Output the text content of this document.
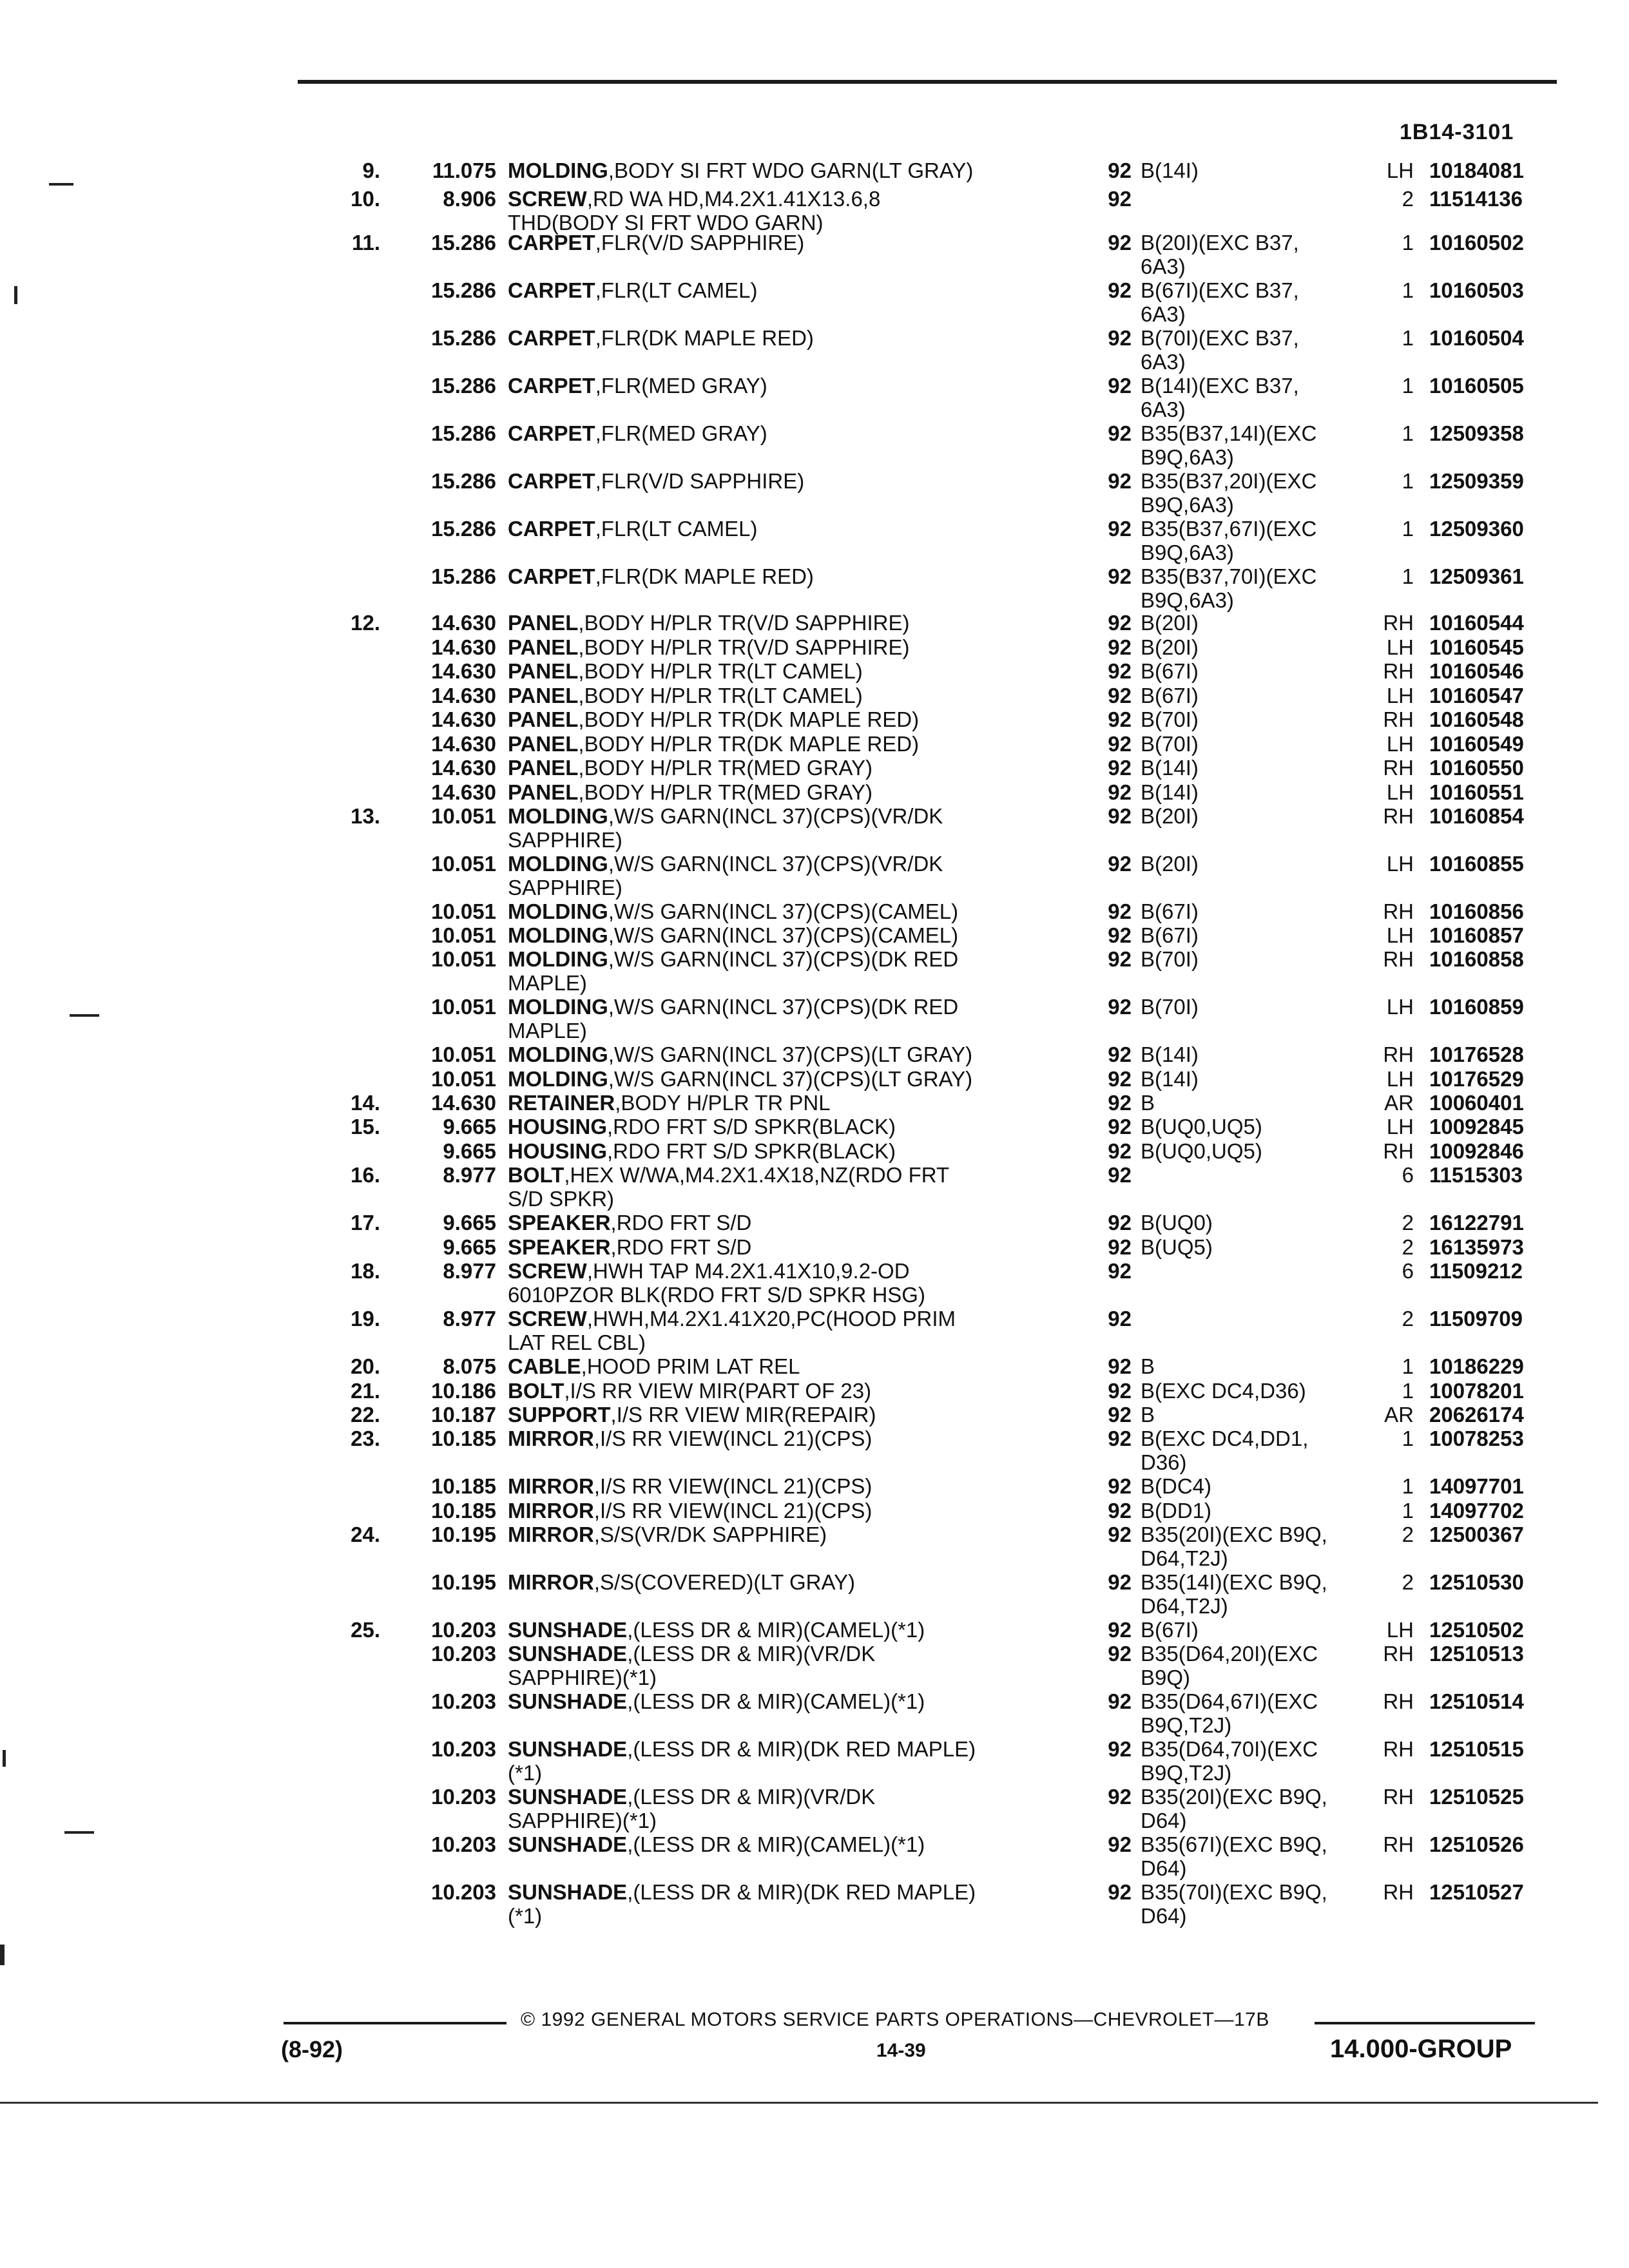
1B14-3101
9.	11.075 MOLDING,BODY SI FRT WDO GARN(LT GRAY)	92 B(14I)	LH 10184081
10.	8.906 SCREW,RD WA HD,M4.2X1.41X13.6,8	92	2 11514136
THD(BODY SI FRT WDO GARN)
11.	15.286 CARPET,FLR(V/D SAPPHIRE)	92 B(20I)(EXC B37,	1 10160502
6A3)
15.286 CARPET,FLR(LT CAMEL)	92 B(67I)(EXC B37,	1 10160503
6A3)
15.286 CARPET,FLR(DK MAPLE RED)	92 B(70I)(EXC B37,	1 10160504
6A3)
15.286 CARPET,FLR(MED GRAY)	92 B(14I)(EXC B37,	1 10160505
6A3)
15.286 CARPET,FLR(MED GRAY)	92 B35(B37,14I)(EXC	1 12509358
B9Q,6A3)
15.286 CARPET,FLR(V/D SAPPHIRE)	92 B35(B37,20I)(EXC	1 12509359
B9Q,6A3)
15.286 CARPET,FLR(LT CAMEL)	92 B35(B37,67I)(EXC	1 12509360
B9Q,6A3)
15.286 CARPET,FLR(DK MAPLE RED)	92 B35(B37,70I)(EXC	1 12509361
B9Q,6A3)
12.	14.630 PANEL,BODY H/PLR TR(V/D SAPPHIRE)	92 B(20I)	RH 10160544
14.630 PANEL,BODY H/PLR TR(V/D SAPPHIRE)	92 B(20I)	LH 10160545
14.630 PANEL,BODY H/PLR TR(LT CAMEL)	92 B(67I)	RH 10160546
14.630 PANEL,BODY H/PLR TR(LT CAMEL)	92 B(67I)	LH 10160547
14.630 PANEL,BODY H/PLR TR(DK MAPLE RED)	92 B(70I)	RH 10160548
14.630 PANEL,BODY H/PLR TR(DK MAPLE RED)	92 B(70I)	LH 10160549
14.630 PANEL,BODY H/PLR TR(MED GRAY)	92 B(14I)	RH 10160550
14.630 PANEL,BODY H/PLR TR(MED GRAY)	92 B(14I)	LH 10160551
13.	10.051 MOLDING,W/S GARN(INCL 37)(CPS)(VR/DK	92 B(20I)	RH 10160854
SAPPHIRE)
10.051 MOLDING,W/S GARN(INCL 37)(CPS)(VR/DK	92 B(20I)	LH 10160855
SAPPHIRE)
10.051 MOLDING,W/S GARN(INCL 37)(CPS)(CAMEL)	92 B(67I)	RH 10160856
10.051 MOLDING,W/S GARN(INCL 37)(CPS)(CAMEL)	92 B(67I)	LH 10160857
10.051 MOLDING,W/S GARN(INCL 37)(CPS)(DK RED	92 B(70I)	RH 10160858
MAPLE)
10.051 MOLDING,W/S GARN(INCL 37)(CPS)(DK RED	92 B(70I)	LH 10160859
MAPLE)
10.051 MOLDING,W/S GARN(INCL 37)(CPS)(LT GRAY)	92 B(14I)	RH 10176528
10.051 MOLDING,W/S GARN(INCL 37)(CPS)(LT GRAY)	92 B(14I)	LH 10176529
14.	14.630 RETAINER,BODY H/PLR TR PNL	92 B	AR 10060401
15.	9.665 HOUSING,RDO FRT S/D SPKR(BLACK)	92 B(UQ0,UQ5)	LH 10092845
9.665 HOUSING,RDO FRT S/D SPKR(BLACK)	92 B(UQ0,UQ5)	RH 10092846
16.	8.977 BOLT,HEX W/WA,M4.2X1.4X18,NZ(RDO FRT	92	6 11515303
S/D SPKR)
17.	9.665 SPEAKER,RDO FRT S/D	92 B(UQ0)	2 16122791
9.665 SPEAKER,RDO FRT S/D	92 B(UQ5)	2 16135973
18.	8.977 SCREW,HWH TAP M4.2X1.41X10,9.2-OD	92	6 11509212
6010PZOR BLK(RDO FRT S/D SPKR HSG)
19.	8.977 SCREW,HWH,M4.2X1.41X20,PC(HOOD PRIM	92	2 11509709
LAT REL CBL)
20.	8.075 CABLE,HOOD PRIM LAT REL	92 B	1 10186229
21.	10.186 BOLT,I/S RR VIEW MIR(PART OF 23)	92 B(EXC DC4,D36)	1 10078201
22.	10.187 SUPPORT,I/S RR VIEW MIR(REPAIR)	92 B	AR 20626174
23.	10.185 MIRROR,I/S RR VIEW(INCL 21)(CPS)	92 B(EXC DC4,DD1,	1 10078253
D36)
10.185 MIRROR,I/S RR VIEW(INCL 21)(CPS)	92 B(DC4)	1 14097701
10.185 MIRROR,I/S RR VIEW(INCL 21)(CPS)	92 B(DD1)	1 14097702
24.	10.195 MIRROR,S/S(VR/DK SAPPHIRE)	92 B35(20I)(EXC B9Q,	2 12500367
D64,T2J)
10.195 MIRROR,S/S(COVERED)(LT GRAY)	92 B35(14I)(EXC B9Q,	2 12510530
D64,T2J)
25.	10.203 SUNSHADE,(LESS DR & MIR)(CAMEL)(*1)	92 B(67I)	LH 12510502
10.203 SUNSHADE,(LESS DR & MIR)(VR/DK	92 B35(D64,20I)(EXC	RH 12510513
SAPPHIRE)(*1)	B9Q)
10.203 SUNSHADE,(LESS DR & MIR)(CAMEL)(*1)	92 B35(D64,67I)(EXC	RH 12510514
B9Q,T2J)
10.203 SUNSHADE,(LESS DR & MIR)(DK RED MAPLE)	92 B35(D64,70I)(EXC	RH 12510515
(*1)	B9Q,T2J)
10.203 SUNSHADE,(LESS DR & MIR)(VR/DK	92 B35(20I)(EXC B9Q,	RH 12510525
SAPPHIRE)(*1)	D64)
10.203 SUNSHADE,(LESS DR & MIR)(CAMEL)(*1)	92 B35(67I)(EXC B9Q,	RH 12510526
D64)
10.203 SUNSHADE,(LESS DR & MIR)(DK RED MAPLE)	92 B35(70I)(EXC B9Q,	RH 12510527
(*1)	D64)
© 1992 GENERAL MOTORS SERVICE PARTS OPERATIONS—CHEVROLET—17B
(8-92)	14-39	14.000-GROUP
